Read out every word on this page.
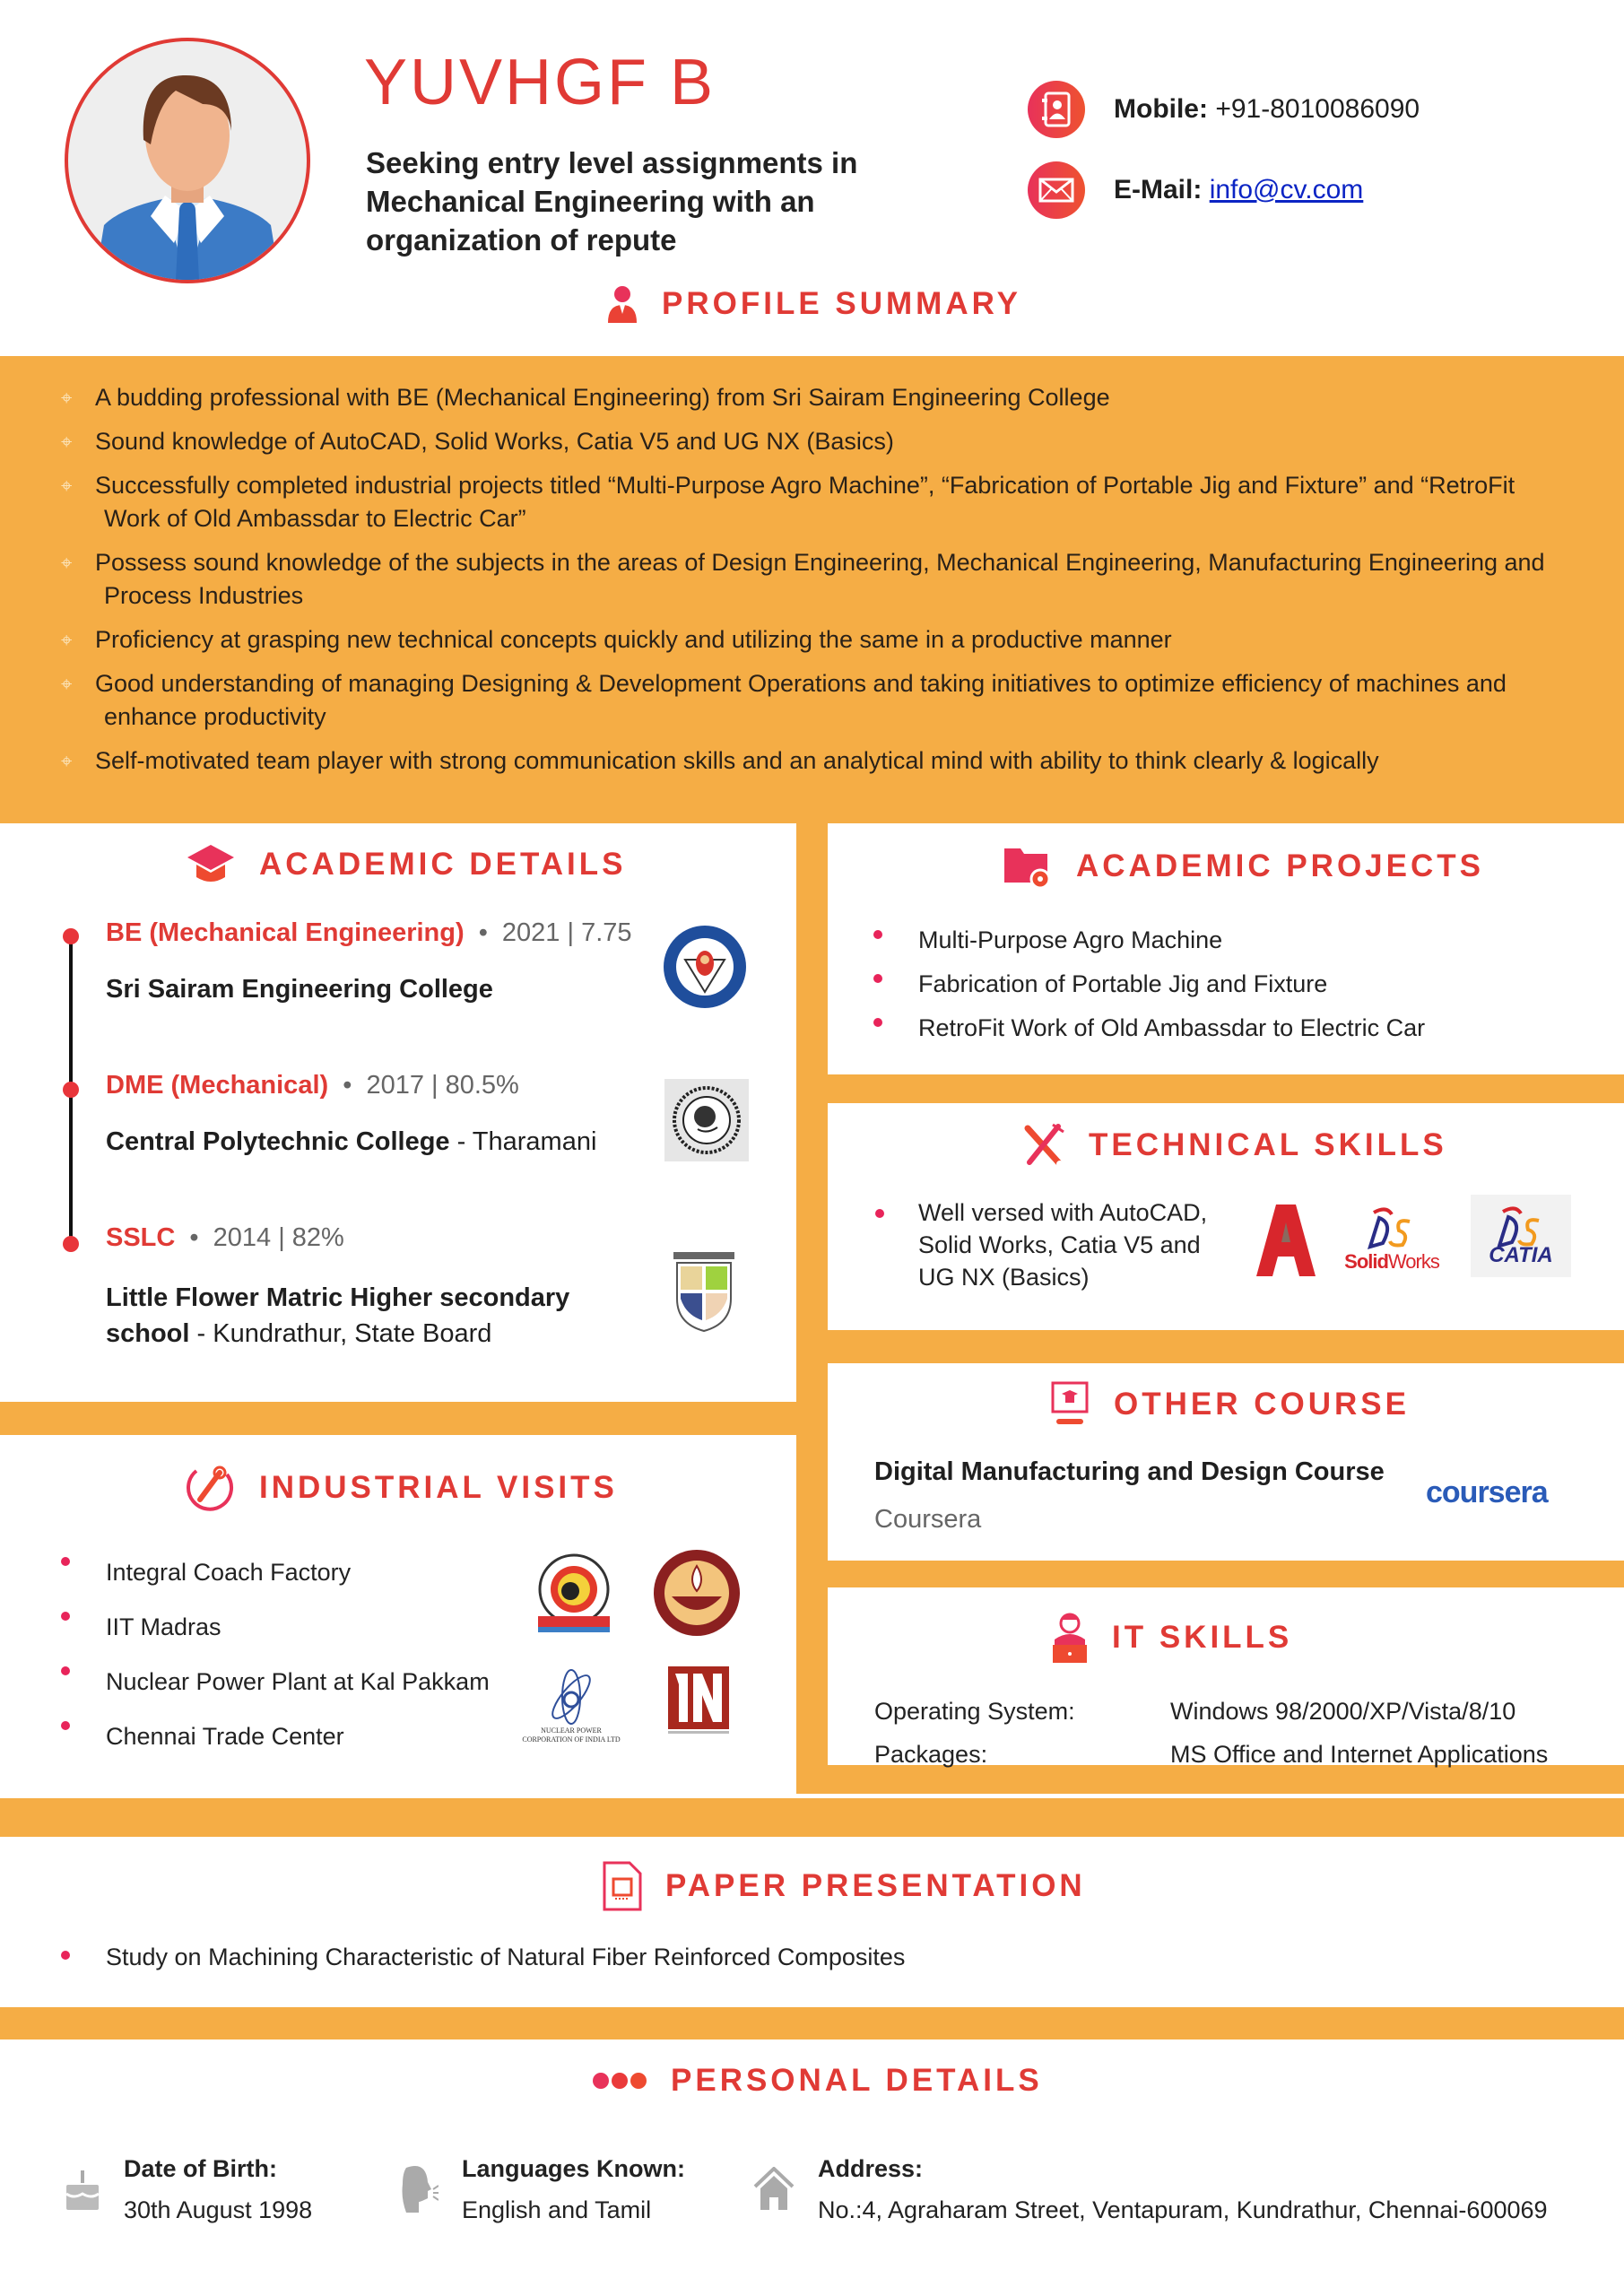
YUVHGF B
Seeking entry level assignments in
Mechanical Engineering with an
organization of repute
Mobile: +91-8010086090
E-Mail: info@cv.com
PROFILE SUMMARY
⌖ A budding professional with BE (Mechanical Engineering) from Sri Sairam Engineering College
⌖ Sound knowledge of AutoCAD, Solid Works, Catia V5 and UG NX (Basics)
⌖ Successfully completed industrial projects titled “Multi-Purpose Agro Machine”, “Fabrication of Portable Jig and Fixture” and “RetroFit
Work of Old Ambassdar to Electric Car”
⌖ Possess sound knowledge of the subjects in the areas of Design Engineering, Mechanical Engineering, Manufacturing Engineering and
Process Industries
⌖ Proficiency at grasping new technical concepts quickly and utilizing the same in a productive manner
⌖ Good understanding of managing Designing & Development Operations and taking initiatives to optimize efficiency of machines and
enhance productivity
⌖ Self-motivated team player with strong communication skills and an analytical mind with ability to think clearly & logically
ACADEMIC DETAILS
BE (Mechanical Engineering) • 2021 | 7.75
Sri Sairam Engineering College
DME (Mechanical) • 2017 | 80.5%
Central Polytechnic College - Tharamani
SSLC • 2014 | 82%
Little Flower Matric Higher secondary
school - Kundrathur, State Board
ACADEMIC PROJECTS
Multi-Purpose Agro Machine
Fabrication of Portable Jig and Fixture
RetroFit Work of Old Ambassdar to Electric Car
TECHNICAL SKILLS
Well versed with AutoCAD,
Solid Works, Catia V5 and
UG NX (Basics)
SolidWorks CATIA
OTHER COURSE
Digital Manufacturing and Design Course
Coursera
coursera
IT SKILLS
Operating System:	Windows 98/2000/XP/Vista/8/10
Packages:	MS Office and Internet Applications
INDUSTRIAL VISITS
Integral Coach Factory
IIT Madras
Nuclear Power Plant at Kal Pakkam
Chennai Trade Center	NUCLEAR POWER
CORPORATION OF INDIA LTD
PAPER PRESENTATION
Study on Machining Characteristic of Natural Fiber Reinforced Composites
PERSONAL DETAILS
Date of Birth:
30th August 1998
Languages Known:
English and Tamil
Address:
No.:4, Agraharam Street, Ventapuram, Kundrathur, Chennai-600069
